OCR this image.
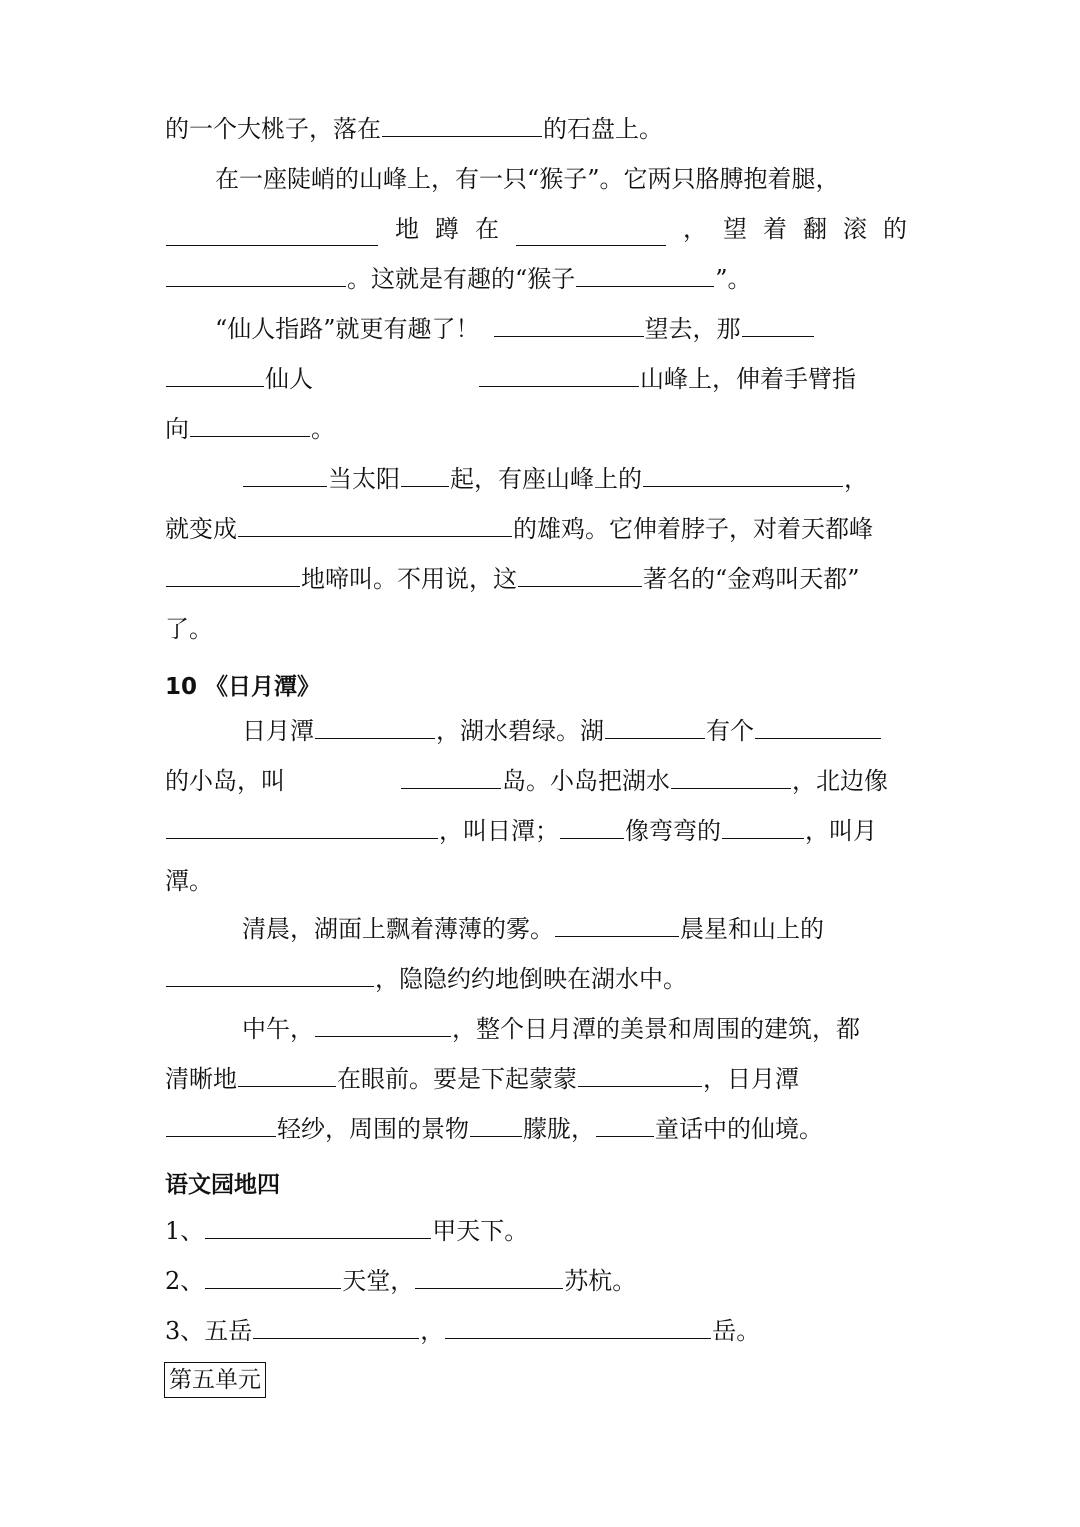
的一个大桃子，落在	的石盘上。
在一座陡峭的山峰上，有一只“猴子”。它两只胳膊抱着腿，
地 蹲 在	， 望 着 翻 滚 的
。这就是有趣的“猴子	”。
“仙人指路”就更有趣了！	望去，那
仙人	山峰上，伸着手臂指
向	。
当太阳 起，有座山峰上的	，
就变成	的雄鸡。它伸着脖子，对着天都峰
地啼叫。不用说，这	著名的“金鸡叫天都”
了。
10 《日月潭》
日月潭	，湖水碧绿。湖	有个
的小岛，叫	岛。小岛把湖水	，北边像
，叫日潭；	像弯弯的	，叫月
潭。
清晨，湖面上飘着薄薄的雾。	晨星和山上的
，隐隐约约地倒映在湖水中。
中午，	，整个日月潭的美景和周围的建筑，都
清晰地	在眼前。要是下起蒙蒙	，日月潭
轻纱，周围的景物 朦胧，	童话中的仙境。
语文园地四
1、	甲天下。
2、	天堂，	苏杭。
3、五岳	，	岳。
第五单元
